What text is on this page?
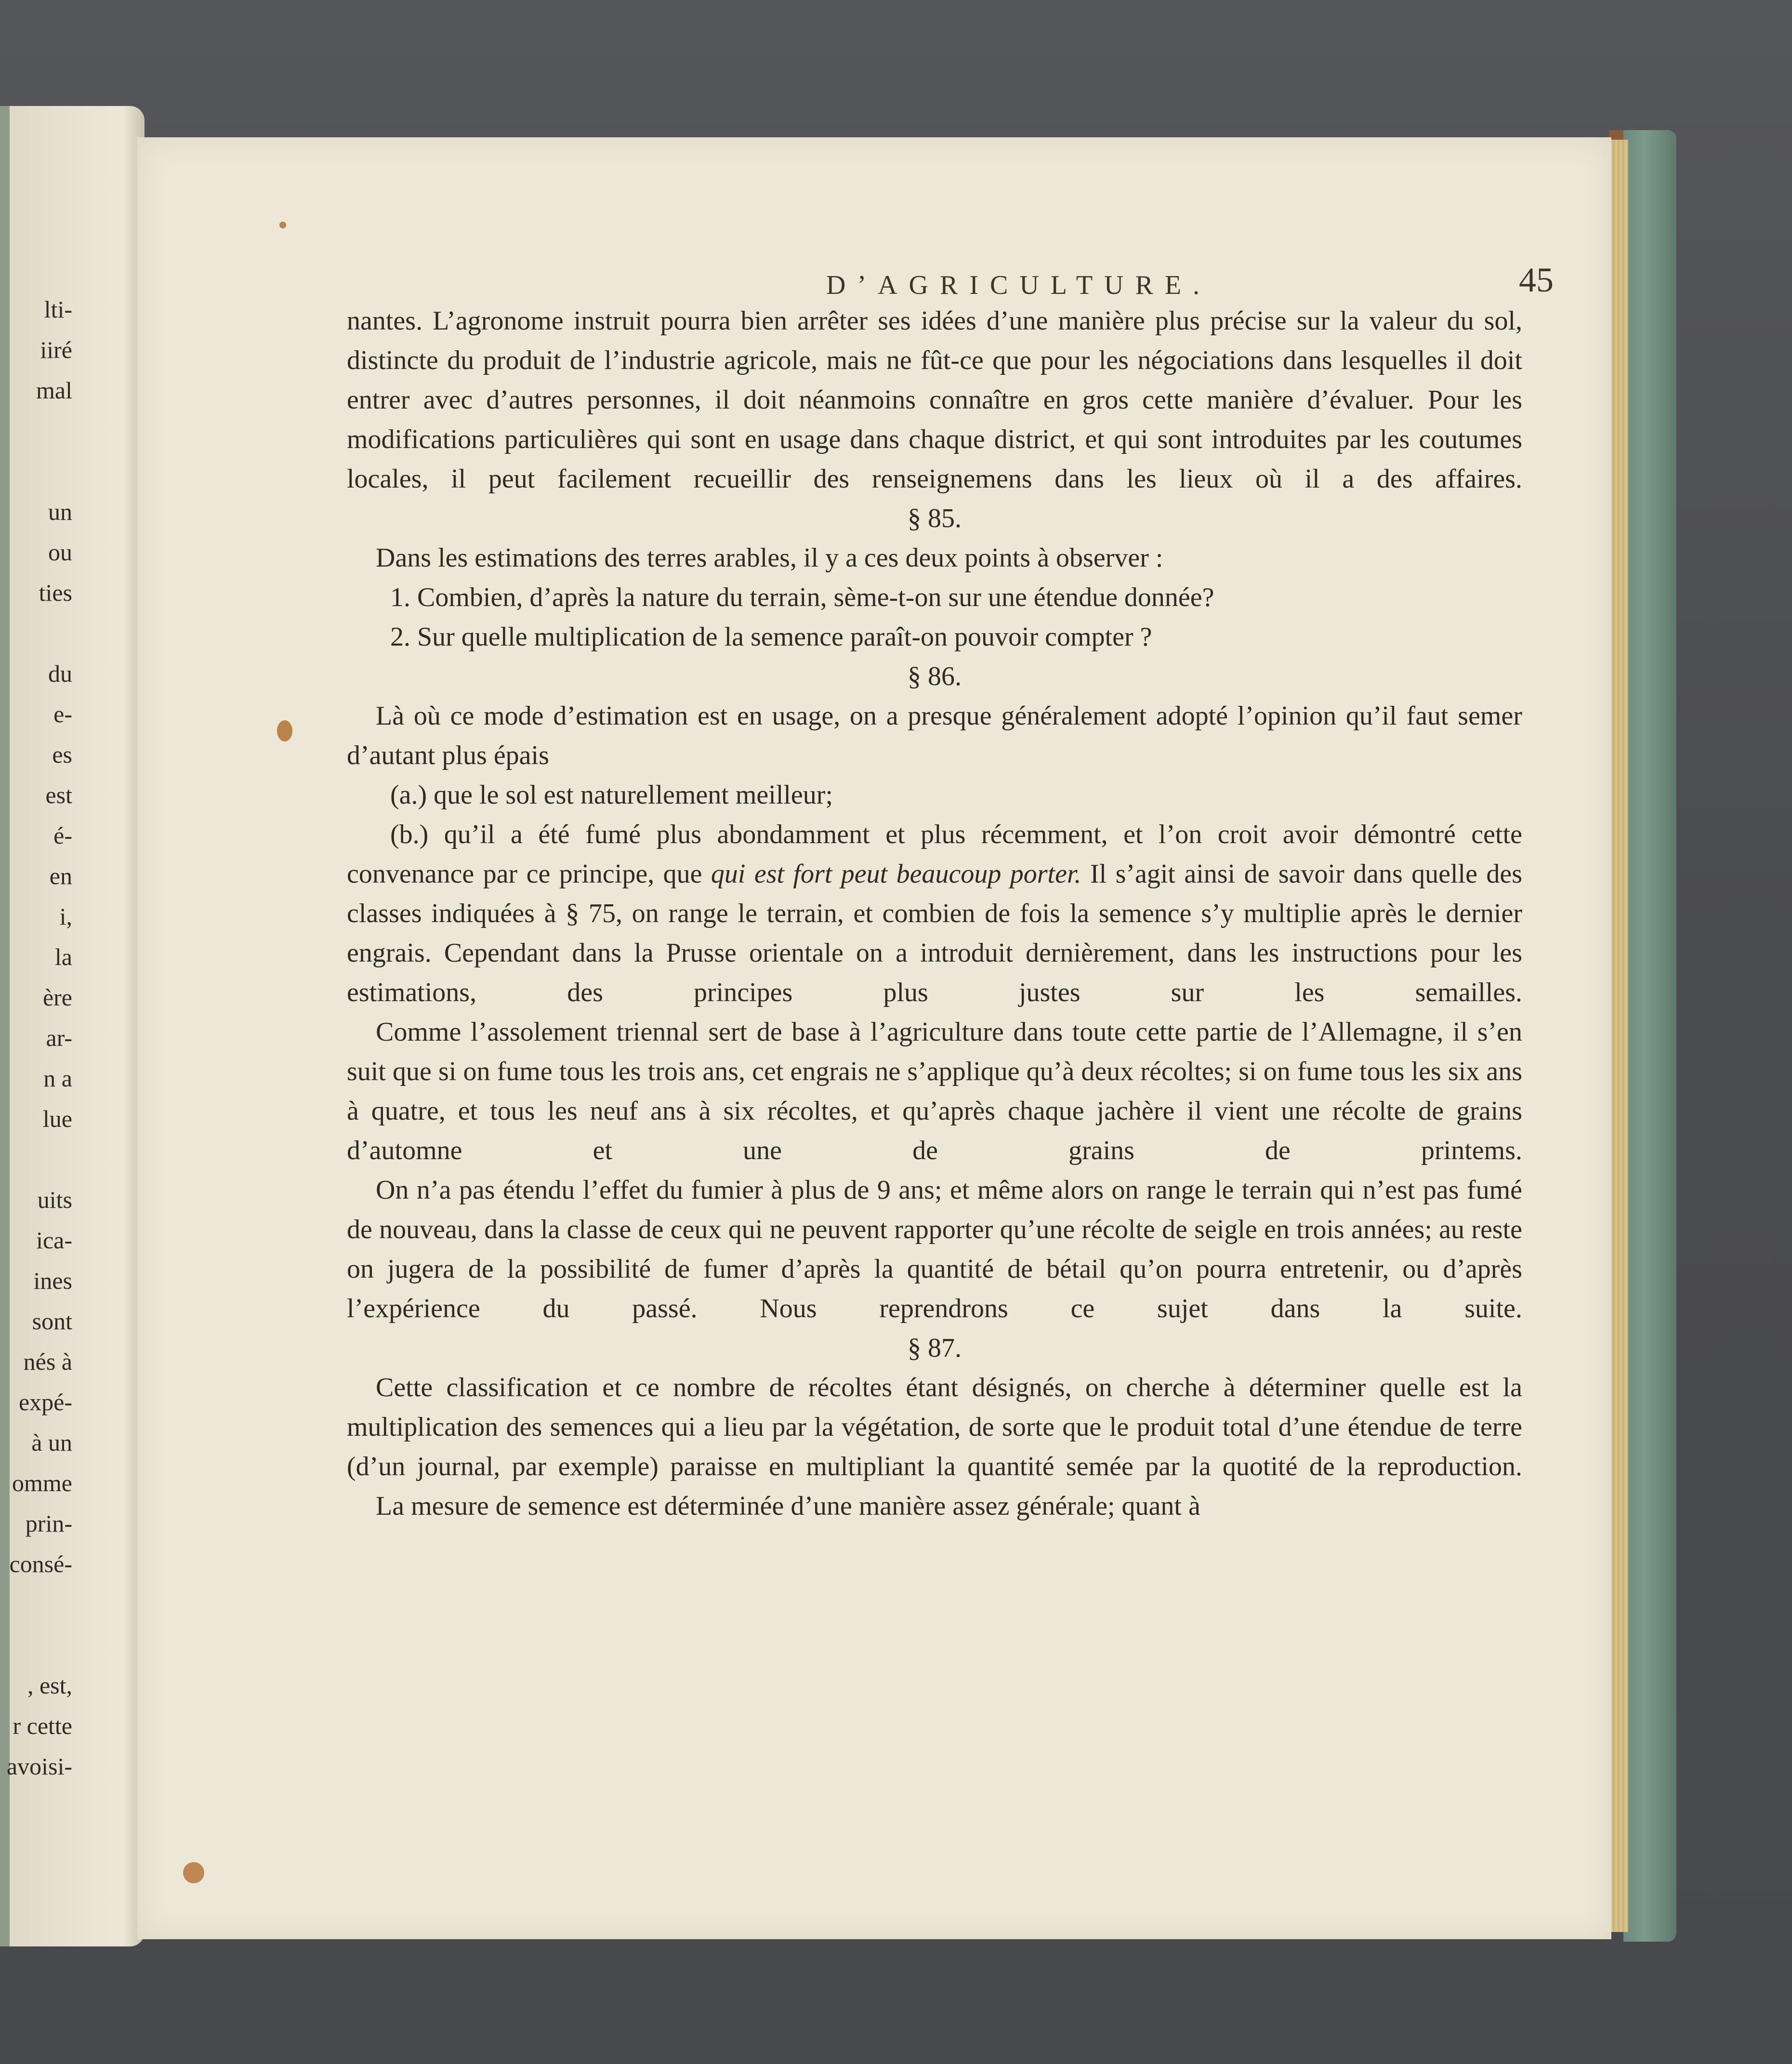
lti-
iiré
mal
un
ou
ties
du
e-
es
est
é-
en
i,
la
ère
ar-
n a
lue
uits
ica-
ines
sont
nés à
expé-
à un
omme
prin-
consé-
, est,
r cette
avoisi-
D’AGRICULTURE.	45

nantes. L’agronome instruit pourra bien arrêter ses idées d’une manière plus précise sur la valeur du sol, distincte du produit de l’industrie agricole, mais ne fût-ce que pour les négociations dans lesquelles il doit entrer avec d’autres personnes, il doit néanmoins connaître en gros cette manière d’évaluer. Pour les modifications particulières qui sont en usage dans chaque district, et qui sont introduites par les coutumes locales, il peut facilement recueillir des renseignemens dans les lieux où il a des affaires.

§ 85.

Dans les estimations des terres arables, il y a ces deux points à observer :

1. Combien, d’après la nature du terrain, sème-t-on sur une étendue donnée?

2. Sur quelle multiplication de la semence paraît-on pouvoir compter ?

§ 86.

Là où ce mode d’estimation est en usage, on a presque généralement adopté l’opinion qu’il faut semer d’autant plus épais

(a.) que le sol est naturellement meilleur;

(b.) qu’il a été fumé plus abondamment et plus récemment, et l’on croit avoir démontré cette convenance par ce principe, que qui est fort peut beaucoup porter. Il s’agit ainsi de savoir dans quelle des classes indiquées à § 75, on range le terrain, et combien de fois la semence s’y multiplie après le dernier engrais. Cependant dans la Prusse orientale on a introduit dernièrement, dans les instructions pour les estimations, des principes plus justes sur les semailles.

Comme l’assolement triennal sert de base à l’agriculture dans toute cette partie de l’Allemagne, il s’en suit que si on fume tous les trois ans, cet engrais ne s’applique qu’à deux récoltes; si on fume tous les six ans à quatre, et tous les neuf ans à six récoltes, et qu’après chaque jachère il vient une récolte de grains d’automne et une de grains de printems.

On n’a pas étendu l’effet du fumier à plus de 9 ans; et même alors on range le terrain qui n’est pas fumé de nouveau, dans la classe de ceux qui ne peuvent rapporter qu’une récolte de seigle en trois années; au reste on jugera de la possibilité de fumer d’après la quantité de bétail qu’on pourra entretenir, ou d’après l’expérience du passé. Nous reprendrons ce sujet dans la suite.

§ 87.

Cette classification et ce nombre de récoltes étant désignés, on cherche à déterminer quelle est la multiplication des semences qui a lieu par la végétation, de sorte que le produit total d’une étendue de terre (d’un journal, par exemple) paraisse en multipliant la quantité semée par la quotité de la reproduction.

La mesure de semence est déterminée d’une manière assez générale; quant à
